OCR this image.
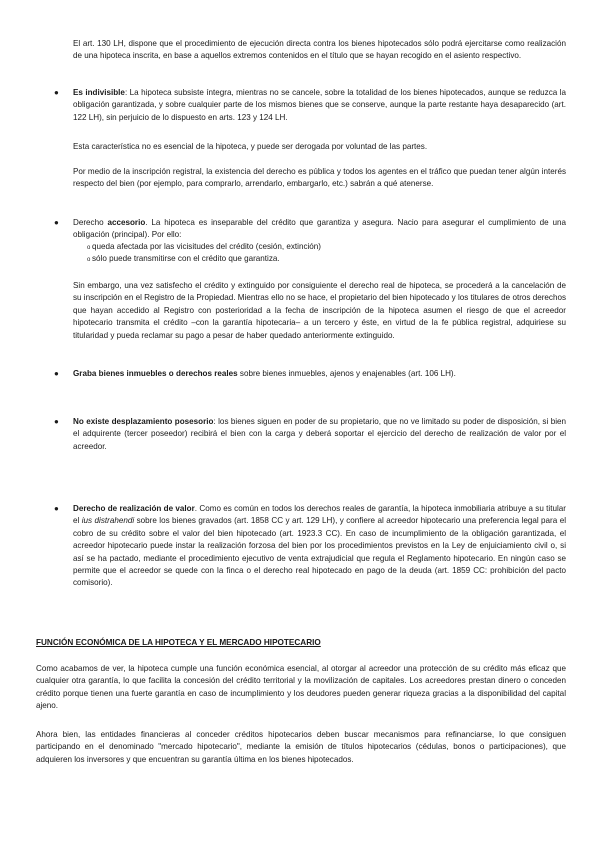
El art. 130 LH, dispone que el procedimiento de ejecución directa contra los bienes hipotecados sólo podrá ejercitarse como realización de una hipoteca inscrita, en base a aquellos extremos contenidos en el título que se hayan recogido en el asiento respectivo.

● Es indivisible: La hipoteca subsiste íntegra, mientras no se cancele, sobre la totalidad de los bienes hipotecados, aunque se reduzca la obligación garantizada, y sobre cualquier parte de los mismos bienes que se conserve, aunque la parte restante haya desaparecido (art. 122 LH), sin perjuicio de lo dispuesto en arts. 123 y 124 LH.

Esta característica no es esencial de la hipoteca, y puede ser derogada por voluntad de las partes.

Por medio de la inscripción registral, la existencia del derecho es pública y todos los agentes en el tráfico que puedan tener algún interés respecto del bien (por ejemplo, para comprarlo, arrendarlo, embargarlo, etc.) sabrán a qué atenerse.

● Derecho accesorio. La hipoteca es inseparable del crédito que garantiza y asegura. Nacio para asegurar el cumplimiento de una obligación (principal). Por ello:

o queda afectada por las vicisitudes del crédito (cesión, extinción)

o sólo puede transmitirse con el crédito que garantiza.

Sin embargo, una vez satisfecho el crédito y extinguido por consiguiente el derecho real de hipoteca, se procederá a la cancelación de su inscripción en el Registro de la Propiedad. Mientras ello no se hace, el propietario del bien hipotecado y los titulares de otros derechos que hayan accedido al Registro con posterioridad a la fecha de inscripción de la hipoteca asumen el riesgo de que el acreedor hipotecario transmita el crédito –con la garantía hipotecaria– a un tercero y éste, en virtud de la fe pública registral, adquiriese su titularidad y pueda reclamar su pago a pesar de haber quedado anteriormente extinguido.

● Graba bienes inmuebles o derechos reales sobre bienes inmuebles, ajenos y enajenables (art. 106 LH).

● No existe desplazamiento posesorio: los bienes siguen en poder de su propietario, que no ve limitado su poder de disposición, si bien el adquirente (tercer poseedor) recibirá el bien con la carga y deberá soportar el ejercicio del derecho de realización de valor por el acreedor.

● Derecho de realización de valor. Como es común en todos los derechos reales de garantía, la hipoteca inmobiliaria atribuye a su titular el ius distrahendi sobre los bienes gravados (art. 1858 CC y art. 129 LH), y confiere al acreedor hipotecario una preferencia legal para el cobro de su crédito sobre el valor del bien hipotecado (art. 1923.3 CC). En caso de incumplimiento de la obligación garantizada, el acreedor hipotecario puede instar la realización forzosa del bien por los procedimientos previstos en la Ley de enjuiciamiento civil o, si así se ha pactado, mediante el procedimiento ejecutivo de venta extrajudicial que regula el Reglamento hipotecario. En ningún caso se permite que el acreedor se quede con la finca o el derecho real hipotecado en pago de la deuda (art. 1859 CC: prohibición del pacto comisorio).

FUNCIÓN ECONÓMICA DE LA HIPOTECA Y EL MERCADO HIPOTECARIO

Como acabamos de ver, la hipoteca cumple una función económica esencial, al otorgar al acreedor una protección de su crédito más eficaz que cualquier otra garantía, lo que facilita la concesión del crédito territorial y la movilización de capitales. Los acreedores prestan dinero o conceden crédito porque tienen una fuerte garantía en caso de incumplimiento y los deudores pueden generar riqueza gracias a la disponibilidad del capital ajeno.

Ahora bien, las entidades financieras al conceder créditos hipotecarios deben buscar mecanismos para refinanciarse, lo que consiguen participando en el denominado "mercado hipotecario", mediante la emisión de títulos hipotecarios (cédulas, bonos o participaciones), que adquieren los inversores y que encuentran su garantía última en los bienes hipotecados.
